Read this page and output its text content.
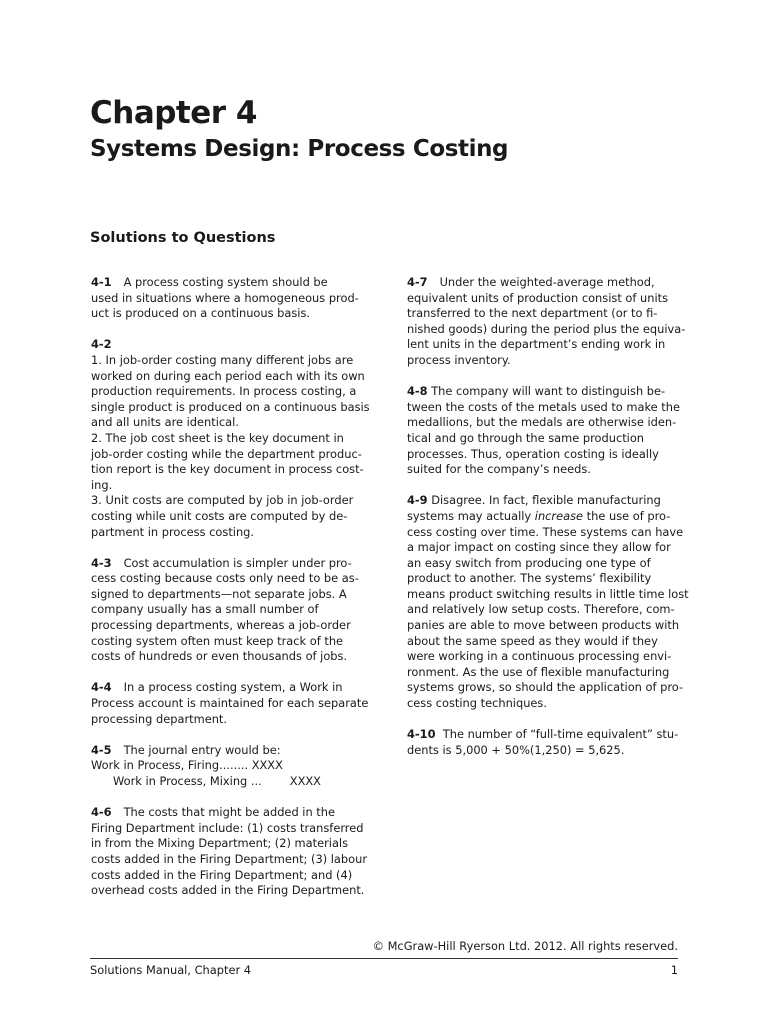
Chapter 4
Systems Design: Process Costing
Solutions to Questions
4-1 A process costing system should be
used in situations where a homogeneous prod-
uct is produced on a continuous basis.
4-2
1. In job-order costing many different jobs are
worked on during each period each with its own
production requirements. In process costing, a
single product is produced on a continuous basis
and all units are identical.
2. The job cost sheet is the key document in
job-order costing while the department produc-
tion report is the key document in process cost-
ing.
3. Unit costs are computed by job in job-order
costing while unit costs are computed by de-
partment in process costing.
4-3 Cost accumulation is simpler under pro-
cess costing because costs only need to be as-
signed to departments—not separate jobs. A
company usually has a small number of
processing departments, whereas a job-order
costing system often must keep track of the
costs of hundreds or even thousands of jobs.
4-4 In a process costing system, a Work in
Process account is maintained for each separate
processing department.
4-5 The journal entry would be:
Work in Process, Firing........ XXXX
Work in Process, Mixing ... XXXX
4-6 The costs that might be added in the
Firing Department include: (1) costs transferred
in from the Mixing Department; (2) materials
costs added in the Firing Department; (3) labour
costs added in the Firing Department; and (4)
overhead costs added in the Firing Department.
4-7 Under the weighted-average method,
equivalent units of production consist of units
transferred to the next department (or to fi-
nished goods) during the period plus the equiva-
lent units in the department’s ending work in
process inventory.
4-8 The company will want to distinguish be-
tween the costs of the metals used to make the
medallions, but the medals are otherwise iden-
tical and go through the same production
processes. Thus, operation costing is ideally
suited for the company’s needs.
4-9 Disagree. In fact, flexible manufacturing
systems may actually increase the use of pro-
cess costing over time. These systems can have
a major impact on costing since they allow for
an easy switch from producing one type of
product to another. The systems’ flexibility
means product switching results in little time lost
and relatively low setup costs. Therefore, com-
panies are able to move between products with
about the same speed as they would if they
were working in a continuous processing envi-
ronment. As the use of flexible manufacturing
systems grows, so should the application of pro-
cess costing techniques.
4-10 The number of “full-time equivalent” stu-
dents is 5,000 + 50%(1,250) = 5,625.
© McGraw-Hill Ryerson Ltd. 2012. All rights reserved.
Solutions Manual, Chapter 4	1
